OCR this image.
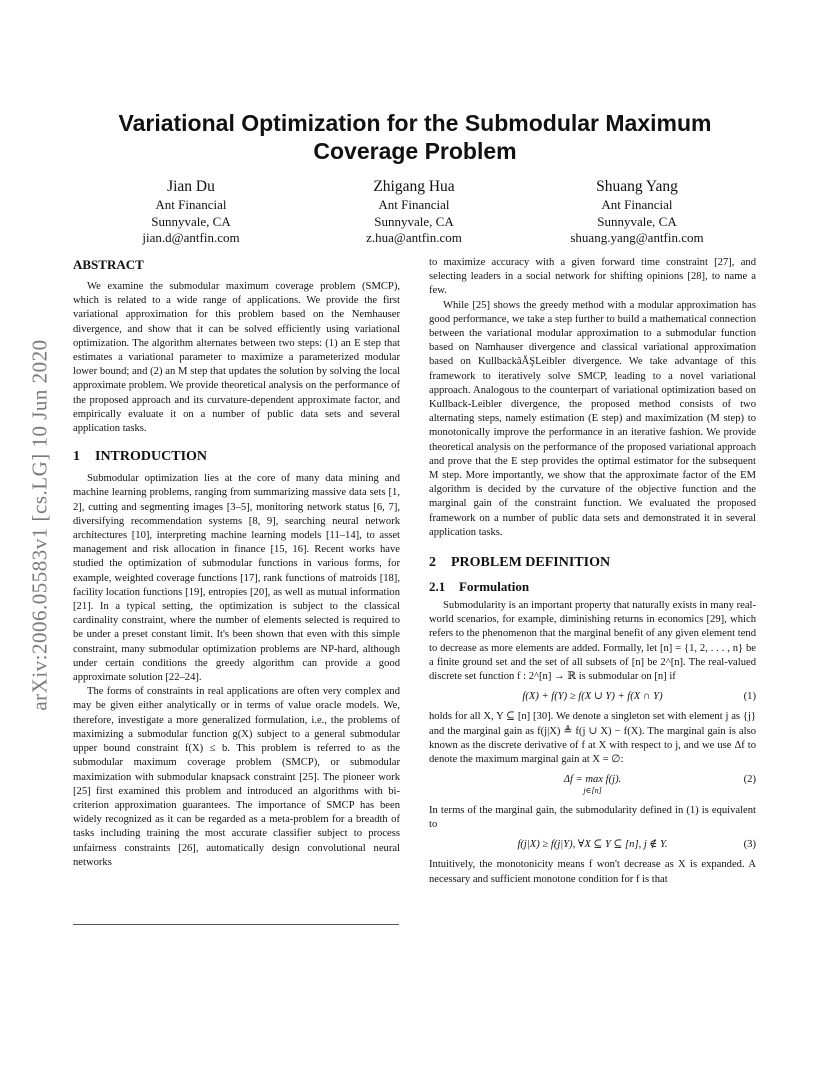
arXiv:2006.05583v1 [cs.LG] 10 Jun 2020
Variational Optimization for the Submodular Maximum Coverage Problem
Jian Du
Ant Financial
Sunnyvale, CA
jian.d@antfin.com
Zhigang Hua
Ant Financial
Sunnyvale, CA
z.hua@antfin.com
Shuang Yang
Ant Financial
Sunnyvale, CA
shuang.yang@antfin.com
ABSTRACT

We examine the submodular maximum coverage problem (SMCP), which is related to a wide range of applications. We provide the first variational approximation for this problem based on the Nemhauser divergence, and show that it can be solved efficiently using variational optimization. The algorithm alternates between two steps: (1) an E step that estimates a variational parameter to maximize a parameterized modular lower bound; and (2) an M step that updates the solution by solving the local approximate problem. We provide theoretical analysis on the performance of the proposed approach and its curvature-dependent approximate factor, and empirically evaluate it on a number of public data sets and several application tasks.

1 INTRODUCTION

Submodular optimization lies at the core of many data mining and machine learning problems, ranging from summarizing massive data sets [1, 2], cutting and segmenting images [3–5], monitoring network status [6, 7], diversifying recommendation systems [8, 9], searching neural network architectures [10], interpreting machine learning models [11–14], to asset management and risk allocation in finance [15, 16]. Recent works have studied the optimization of submodular functions in various forms, for example, weighted coverage functions [17], rank functions of matroids [18], facility location functions [19], entropies [20], as well as mutual information [21]. In a typical setting, the optimization is subject to the classical cardinality constraint, where the number of elements selected is required to be under a preset constant limit. It's been shown that even with this simple constraint, many submodular optimization problems are NP-hard, although under certain conditions the greedy algorithm can provide a good approximate solution [22–24].

The forms of constraints in real applications are often very complex and may be given either analytically or in terms of value oracle models. We, therefore, investigate a more generalized formulation, i.e., the problems of maximizing a submodular function g(X) subject to a general submodular upper bound constraint f(X) ≤ b. This problem is referred to as the submodular maximum coverage problem (SMCP), or submodular maximization with submodular knapsack constraint [25]. The pioneer work [25] first examined this problem and introduced an algorithms with bi-criterion approximation guarantees. The importance of SMCP has been widely recognized as it can be regarded as a meta-problem for a breadth of tasks including training the most accurate classifier subject to process unfairness constraints [26], automatically design convolutional neural networks

to maximize accuracy with a given forward time constraint [27], and selecting leaders in a social network for shifting opinions [28], to name a few.

While [25] shows the greedy method with a modular approximation has good performance, we take a step further to build a mathematical connection between the variational modular approximation to a submodular function based on Namhauser divergence and classical variational approximation based on KullbackâĂŞLeibler divergence. We take advantage of this framework to iteratively solve SMCP, leading to a novel variational approach. Analogous to the counterpart of variational optimization based on Kullback-Leibler divergence, the proposed method consists of two alternating steps, namely estimation (E step) and maximization (M step) to monotonically improve the performance in an iterative fashion. We provide theoretical analysis on the performance of the proposed variational approach and prove that the E step provides the optimal estimator for the subsequent M step. More importantly, we show that the approximate factor of the EM algorithm is decided by the curvature of the objective function and the marginal gain of the constraint function. We evaluated the proposed framework on a number of public data sets and demonstrated it in several application tasks.

2 PROBLEM DEFINITION
2.1 Formulation

Submodularity is an important property that naturally exists in many real-world scenarios, for example, diminishing returns in economics [29], which refers to the phenomenon that the marginal benefit of any given element tend to decrease as more elements are added. Formally, let [n] = {1, 2, . . . , n} be a finite ground set and the set of all subsets of [n] be 2^[n]. The real-valued discrete set function f : 2^[n] → ℝ is submodular on [n] if

f(X) + f(Y) ≥ f(X ∪ Y) + f(X ∩ Y)	(1)

holds for all X, Y ⊆ [n] [30]. We denote a singleton set with element j as {j} and the marginal gain as f(j|X) ≜ f(j ∪ X) − f(X). The marginal gain is also known as the discrete derivative of f at X with respect to j, and we use Δf to denote the maximum marginal gain at X = ∅:

Δf = max f(j).
j∈[n]
(2)

In terms of the marginal gain, the submodularity defined in (1) is equivalent to

f(j|X) ≥ f(j|Y), ∀X ⊆ Y ⊆ [n], j ∉ Y.	(3)

Intuitively, the monotonicity means f won't decrease as X is expanded. A necessary and sufficient monotone condition for f is that
